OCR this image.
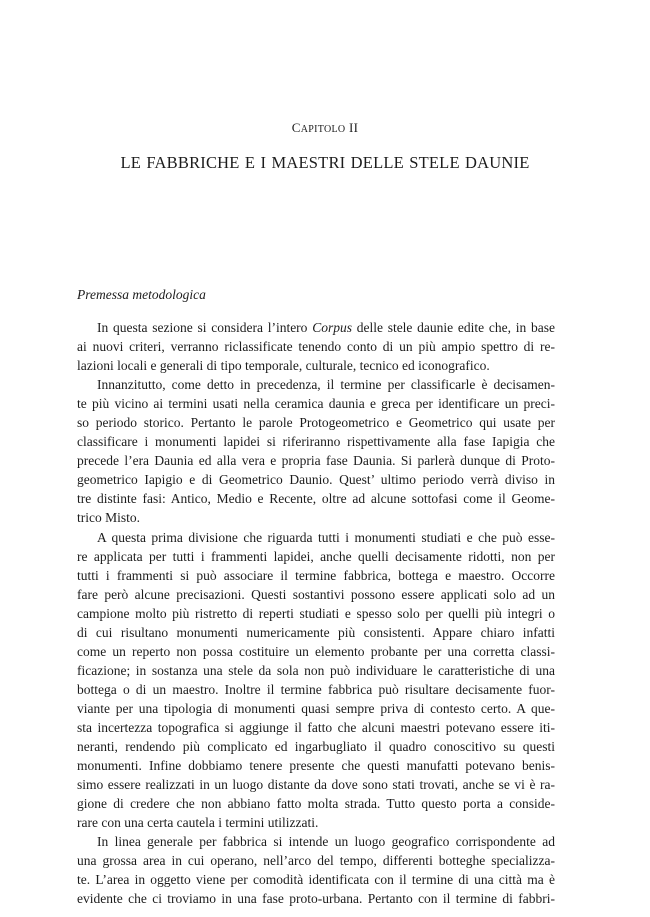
CAPITOLO II
LE FABBRICHE E I MAESTRI DELLE STELE DAUNIE
Premessa metodologica
In questa sezione si considera l’intero Corpus delle stele daunie edite che, in base
ai nuovi criteri, verranno riclassificate tenendo conto di un più ampio spettro di re-
lazioni locali e generali di tipo temporale, culturale, tecnico ed iconografico.
Innanzitutto, come detto in precedenza, il termine per classificarle è decisamen-
te più vicino ai termini usati nella ceramica daunia e greca per identificare un preci-
so periodo storico. Pertanto le parole Protogeometrico e Geometrico qui usate per
classificare i monumenti lapidei si riferiranno rispettivamente alla fase Iapigia che
precede l’era Daunia ed alla vera e propria fase Daunia. Si parlerà dunque di Proto-
geometrico Iapigio e di Geometrico Daunio. Quest’ ultimo periodo verrà diviso in
tre distinte fasi: Antico, Medio e Recente, oltre ad alcune sottofasi come il Geome-
trico Misto.
A questa prima divisione che riguarda tutti i monumenti studiati e che può esse-
re applicata per tutti i frammenti lapidei, anche quelli decisamente ridotti, non per
tutti i frammenti si può associare il termine fabbrica, bottega e maestro. Occorre
fare però alcune precisazioni. Questi sostantivi possono essere applicati solo ad un
campione molto più ristretto di reperti studiati e spesso solo per quelli più integri o
di cui risultano monumenti numericamente più consistenti. Appare chiaro infatti
come un reperto non possa costituire un elemento probante per una corretta classi-
ficazione; in sostanza una stele da sola non può individuare le caratteristiche di una
bottega o di un maestro. Inoltre il termine fabbrica può risultare decisamente fuor-
viante per una tipologia di monumenti quasi sempre priva di contesto certo. A que-
sta incertezza topografica si aggiunge il fatto che alcuni maestri potevano essere iti-
neranti, rendendo più complicato ed ingarbugliato il quadro conoscitivo su questi
monumenti. Infine dobbiamo tenere presente che questi manufatti potevano benis-
simo essere realizzati in un luogo distante da dove sono stati trovati, anche se vi è ra-
gione di credere che non abbiano fatto molta strada. Tutto questo porta a conside-
rare con una certa cautela i termini utilizzati.
In linea generale per fabbrica si intende un luogo geografico corrispondente ad
una grossa area in cui operano, nell’arco del tempo, differenti botteghe specializza-
te. L’area in oggetto viene per comodità identificata con il termine di una città ma è
evidente che ci troviamo in una fase proto-urbana. Pertanto con il termine di fabbri-
